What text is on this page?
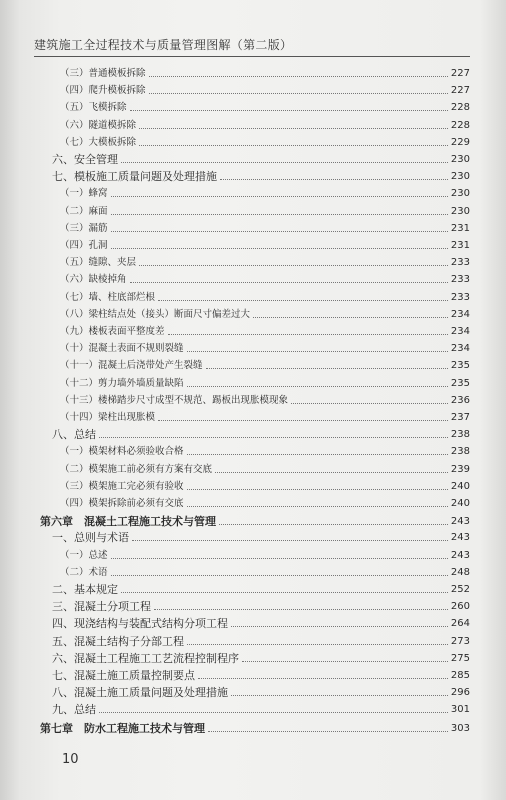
建筑施工全过程技术与质量管理图解（第二版）
（三）普通模板拆除	227
（四）爬升模板拆除	227
（五）飞模拆除	228
（六）隧道模拆除	228
（七）大模板拆除	229
六、安全管理	230
七、模板施工质量问题及处理措施	230
（一）蜂窝	230
（二）麻面	230
（三）漏筋	231
（四）孔洞	231
（五）缝隙、夹层	233
（六）缺棱掉角	233
（七）墙、柱底部烂根	233
（八）梁柱结点处（接头）断面尺寸偏差过大	234
（九）楼板表面平整度差	234
（十）混凝土表面不规则裂缝	234
（十一）混凝土后浇带处产生裂缝	235
（十二）剪力墙外墙质量缺陷	235
（十三）楼梯踏步尺寸成型不规范、踢板出现胀模现象	236
（十四）梁柱出现胀模	237
八、总结	238
（一）模架材料必须验收合格	238
（二）模架施工前必须有方案有交底	239
（三）模架施工完必须有验收	240
（四）模架拆除前必须有交底	240
第六章　混凝土工程施工技术与管理	243
一、总则与术语	243
（一）总述	243
（二）术语	248
二、基本规定	252
三、混凝土分项工程	260
四、现浇结构与装配式结构分项工程	264
五、混凝土结构子分部工程	273
六、混凝土工程施工工艺流程控制程序	275
七、混凝土施工质量控制要点	285
八、混凝土施工质量问题及处理措施	296
九、总结	301
第七章　防水工程施工技术与管理	303
10
